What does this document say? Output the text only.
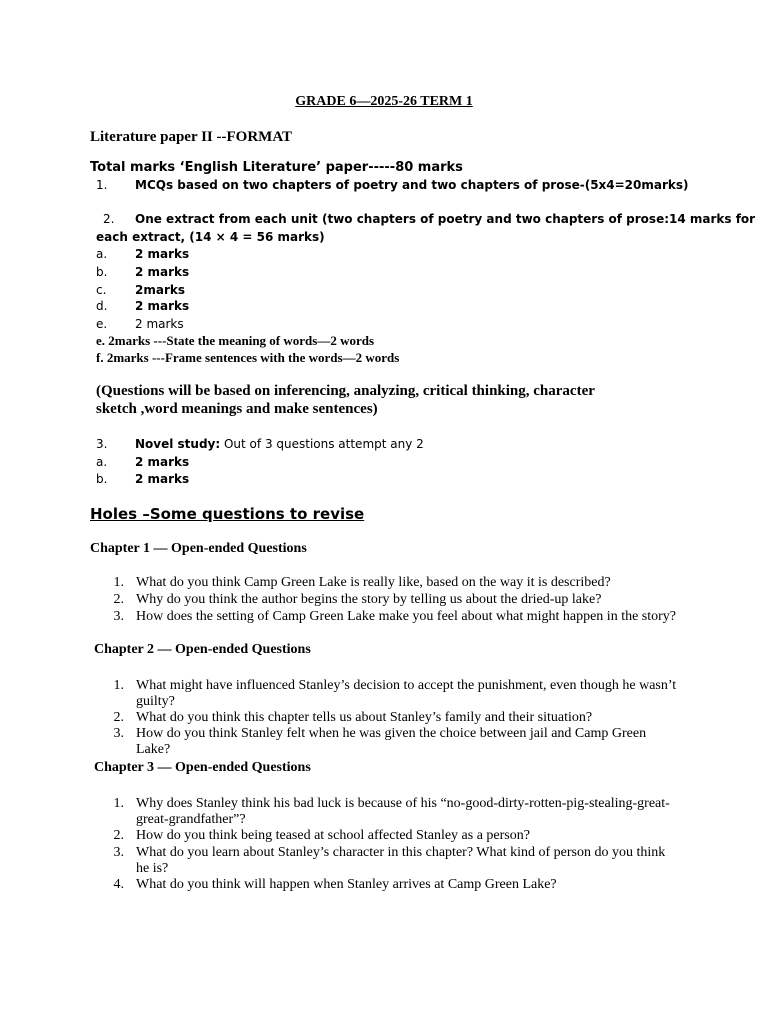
GRADE 6—2025-26 TERM 1
Literature paper II --FORMAT
Total marks ‘English Literature’ paper-----80 marks
1. MCQs based on two chapters of poetry and two chapters of prose-(5x4=20marks)
2. One extract from each unit (two chapters of poetry and two chapters of prose:14 marks for
each extract, (14 × 4 = 56 marks)
a. 2 marks
b. 2 marks
c. 2marks
d. 2 marks
e. 2 marks
e. 2marks ---State the meaning of words—2 words
f. 2marks ---Frame sentences with the words—2 words
(Questions will be based on inferencing, analyzing, critical thinking, character
sketch ,word meanings and make sentences)
3. Novel study: Out of 3 questions attempt any 2
a. 2 marks
b. 2 marks
Holes –Some questions to revise
Chapter 1 — Open-ended Questions
1. What do you think Camp Green Lake is really like, based on the way it is described?
2. Why do you think the author begins the story by telling us about the dried-up lake?
3. How does the setting of Camp Green Lake make you feel about what might happen in the story?
Chapter 2 — Open-ended Questions
1. What might have influenced Stanley’s decision to accept the punishment, even though he wasn’t guilty?
2. What do you think this chapter tells us about Stanley’s family and their situation?
3. How do you think Stanley felt when he was given the choice between jail and Camp Green Lake?
Chapter 3 — Open-ended Questions
1. Why does Stanley think his bad luck is because of his “no-good-dirty-rotten-pig-stealing-great-great-grandfather”?
2. How do you think being teased at school affected Stanley as a person?
3. What do you learn about Stanley’s character in this chapter? What kind of person do you think he is?
4. What do you think will happen when Stanley arrives at Camp Green Lake?
